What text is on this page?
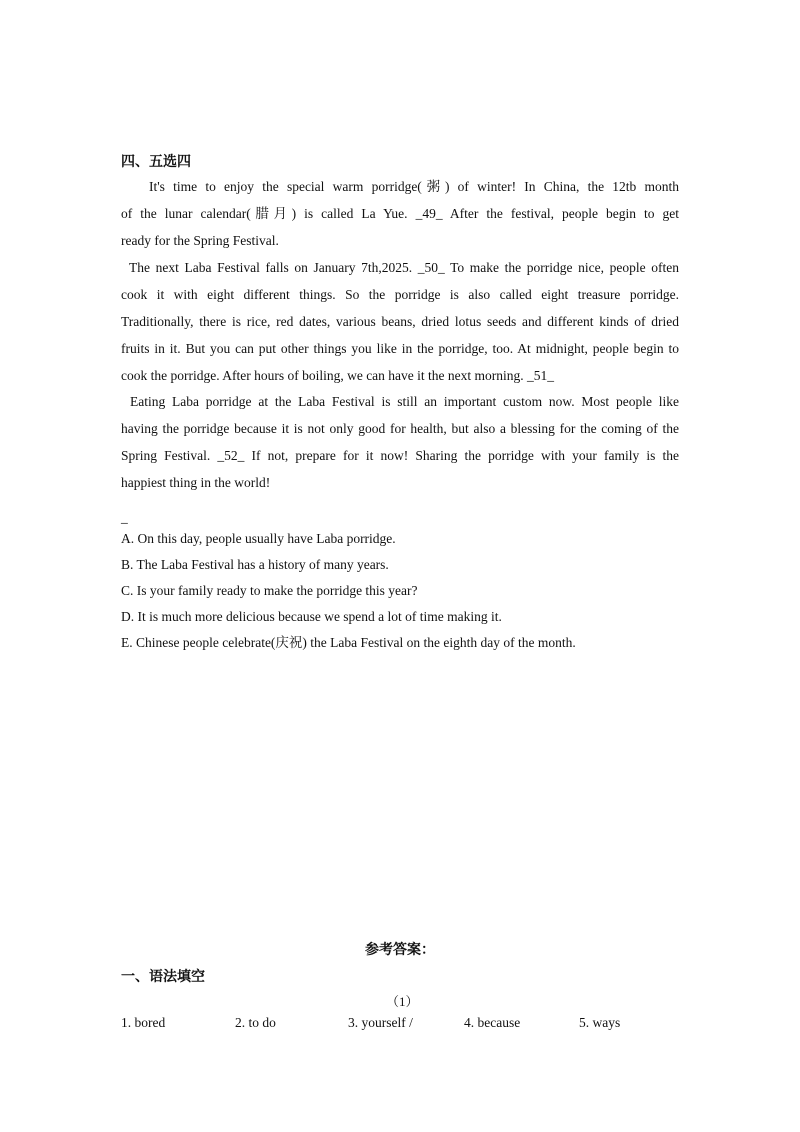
四、五选四
It's time to enjoy the special warm porridge(粥) of winter! In China, the 12tb month
of the lunar calendar(腊月) is called La Yue. _49_ After the festival, people begin to get
ready for the Spring Festival.
The next Laba Festival falls on January 7th,2025. _50_ To make the porridge nice, people often
cook it with eight different things. So the porridge is also called eight treasure porridge.
Traditionally, there is rice, red dates, various beans, dried lotus seeds and different kinds of dried
fruits in it. But you can put other things you like in the porridge, too. At midnight, people begin to
cook the porridge. After hours of boiling, we can have it the next morning. _51_
Eating Laba porridge at the Laba Festival is still an important custom now. Most people like
having the porridge because it is not only good for health, but also a blessing for the coming of the
Spring Festival. _52_ If not, prepare for it now! Sharing the porridge with your family is the
happiest thing in the world!
_
A. On this day, people usually have Laba porridge.
B. The Laba Festival has a history of many years.
C. Is your family ready to make the porridge this year?
D. It is much more delicious because we spend a lot of time making it.
E. Chinese people celebrate(庆祝) the Laba Festival on the eighth day of the month.
参考答案：
一、语法填空
（1）
1. bored	2. to do	3. yourself /	4. because	5. ways
